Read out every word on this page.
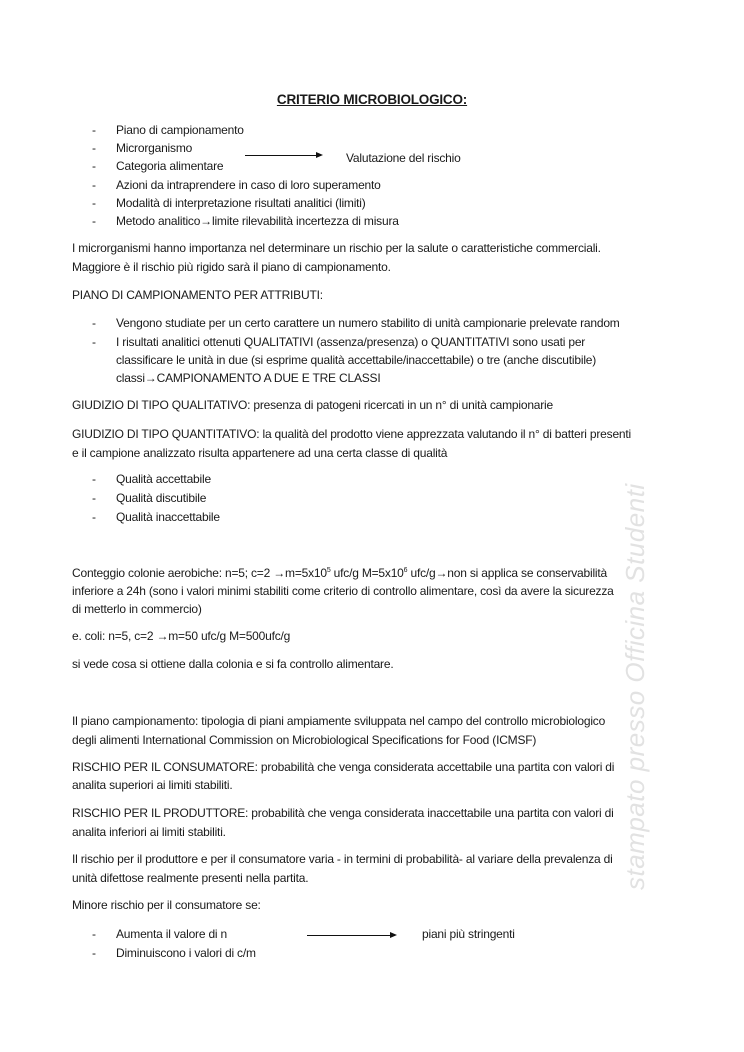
CRITERIO MICROBIOLOGICO:
- Piano di campionamento
- Microrganismo
- Categoria alimentare
Valutazione del rischio
- Azioni da intraprendere in caso di loro superamento
- Modalità di interpretazione risultati analitici (limiti)
- Metodo analitico→limite rilevabilità incertezza di misura
I microrganismi hanno importanza nel determinare un rischio per la salute o caratteristiche commerciali.
Maggiore è il rischio più rigido sarà il piano di campionamento.
PIANO DI CAMPIONAMENTO PER ATTRIBUTI:
- Vengono studiate per un certo carattere un numero stabilito di unità campionarie prelevate random
- I risultati analitici ottenuti QUALITATIVI (assenza/presenza) o QUANTITATIVI sono usati per
classificare le unità in due (si esprime qualità accettabile/inaccettabile) o tre (anche discutibile)
classi→CAMPIONAMENTO A DUE E TRE CLASSI
GIUDIZIO DI TIPO QUALITATIVO: presenza di patogeni ricercati in un n° di unità campionarie
GIUDIZIO DI TIPO QUANTITATIVO: la qualità del prodotto viene apprezzata valutando il n° di batteri presenti
e il campione analizzato risulta appartenere ad una certa classe di qualità
- Qualità accettabile
- Qualità discutibile
- Qualità inaccettabile
Conteggio colonie aerobiche: n=5; $c=2 \to m=5x10^5$ ufc/g $M=5x10^6$ ufc/g→non si applica se conservabilità
inferiore a 24h (sono i valori minimi stabiliti come criterio di controllo alimentare, così da avere la sicurezza
di metterlo in commercio)
e. coli: n=5, c=2 →m=50 ufc/g M=500ufc/g
si vede cosa si ottiene dalla colonia e si fa controllo alimentare.
Il piano campionamento: tipologia di piani ampiamente sviluppata nel campo del controllo microbiologico
degli alimenti International Commission on Microbiological Specifications for Food (ICMSF)
RISCHIO PER IL CONSUMATORE: probabilità che venga considerata accettabile una partita con valori di
analita superiori ai limiti stabiliti.
RISCHIO PER IL PRODUTTORE: probabilità che venga considerata inaccettabile una partita con valori di
analita inferiori ai limiti stabiliti.
Il rischio per il produttore e per il consumatore varia - in termini di probabilità- al variare della prevalenza di
unità difettose realmente presenti nella partita.
Minore rischio per il consumatore se:
- Aumenta il valore di n	piani più stringenti
- Diminuiscono i valori di c/m
stampato presso Officina Studenti
